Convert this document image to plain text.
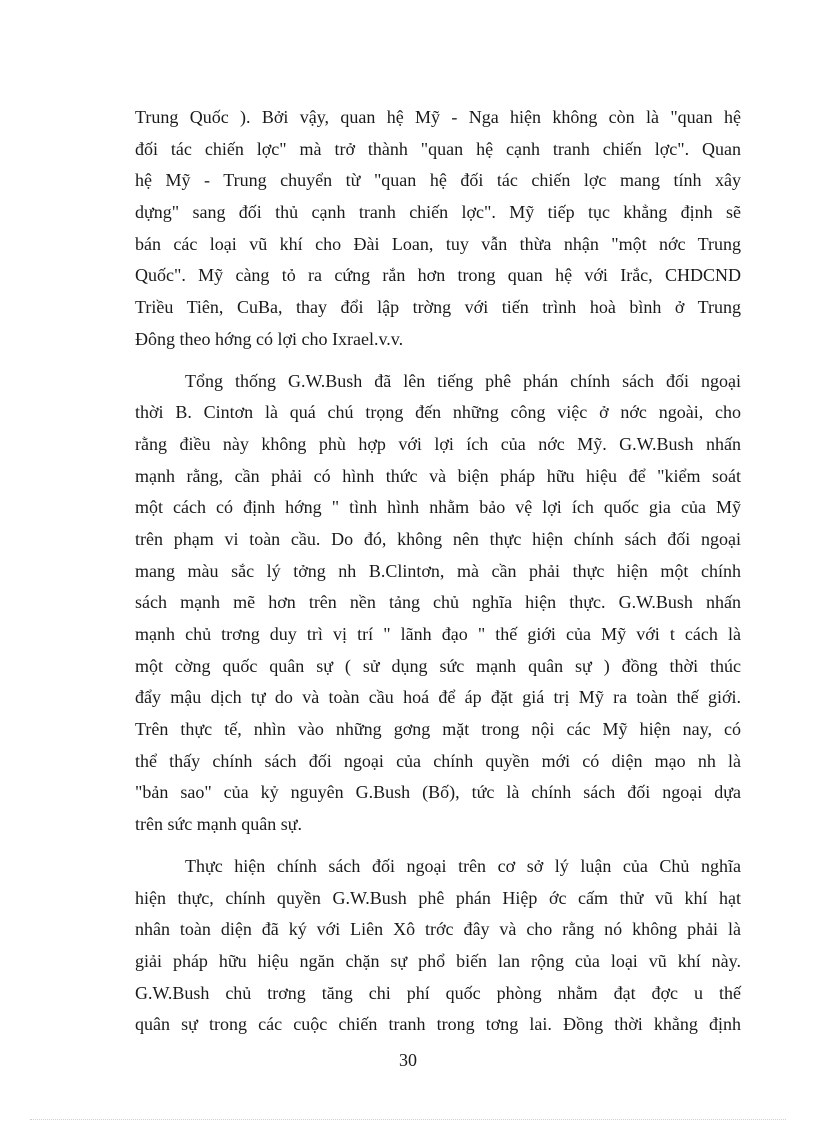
Trung Quốc ). Bởi vậy, quan hệ Mỹ - Nga hiện không còn là "quan hệ
đối tác chiến lợc" mà trở thành "quan hệ cạnh tranh chiến lợc". Quan
hệ Mỹ - Trung chuyển từ "quan hệ đối tác chiến lợc mang tính xây
dựng" sang đối thủ cạnh tranh chiến lợc". Mỹ tiếp tục khẳng định sẽ
bán các loại vũ khí cho Đài Loan, tuy vẫn thừa nhận "một nớc Trung
Quốc". Mỹ càng tỏ ra cứng rắn hơn trong quan hệ với Irắc, CHDCND
Triều Tiên, CuBa, thay đổi lập trờng với tiến trình hoà bình ở Trung
Đông theo hớng có lợi cho Ixrael.v.v.
Tổng thống G.W.Bush đã lên tiếng phê phán chính sách đối ngoại
thời B. Cintơn là quá chú trọng đến những công việc ở nớc ngoài, cho
rằng điều này không phù hợp với lợi ích của nớc Mỹ. G.W.Bush nhấn
mạnh rằng, cần phải có hình thức và biện pháp hữu hiệu để "kiểm soát
một cách có định hớng " tình hình nhằm bảo vệ lợi ích quốc gia của Mỹ
trên phạm vi toàn cầu. Do đó, không nên thực hiện chính sách đối ngoại
mang màu sắc lý tởng nh B.Clintơn, mà cần phải thực hiện một chính
sách mạnh mẽ hơn trên nền tảng chủ nghĩa hiện thực. G.W.Bush nhấn
mạnh chủ trơng duy trì vị trí " lãnh đạo " thế giới của Mỹ với t cách là
một cờng quốc quân sự ( sử dụng sức mạnh quân sự ) đồng thời thúc
đẩy mậu dịch tự do và toàn cầu hoá để áp đặt giá trị Mỹ ra toàn thế giới.
Trên thực tế, nhìn vào những gơng mặt trong nội các Mỹ hiện nay, có
thể thấy chính sách đối ngoại của chính quyền mới có diện mạo nh là
"bản sao" của kỷ nguyên G.Bush (Bố), tức là chính sách đối ngoại dựa
trên sức mạnh quân sự.
Thực hiện chính sách đối ngoại trên cơ sở lý luận của Chủ nghĩa
hiện thực, chính quyền G.W.Bush phê phán Hiệp ớc cấm thử vũ khí hạt
nhân toàn diện đã ký với Liên Xô trớc đây và cho rằng nó không phải là
giải pháp hữu hiệu ngăn chặn sự phổ biến lan rộng của loại vũ khí này.
G.W.Bush chủ trơng tăng chi phí quốc phòng nhằm đạt đợc u thế
quân sự trong các cuộc chiến tranh trong tơng lai. Đồng thời khẳng định
30
